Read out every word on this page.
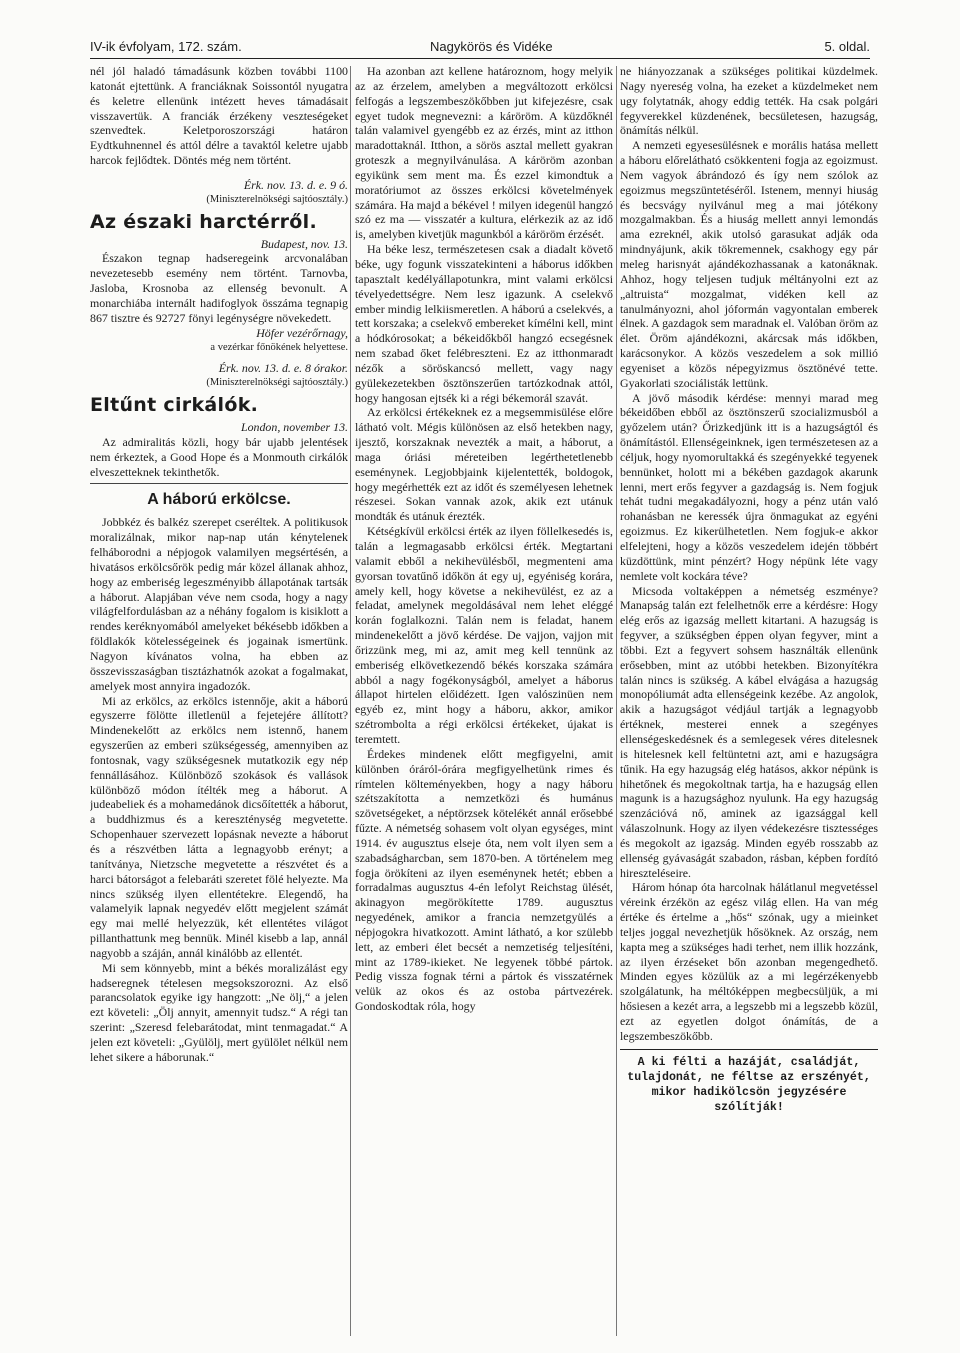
IV-ik évfolyam, 172. szám.	Nagykörös és Vidéke	5. oldal.

nél jól haladó támadásunk közben további 1100 katonát ejtettünk. A franciáknak Soissontól nyugatra és keletre ellenünk intézett heves támadásait visszavertük. A franciák érzékeny veszteségeket szenvedtek. Keletporoszországi határon Eydtkuhnennel és attól délre a tavaktól keletre ujabb harcok fejlődtek. Döntés még nem történt.

Érk. nov. 13. d. e. 9 ó.

(Miniszterelnökségi sajtóosztály.)

Az északi harctérről.

Budapest, nov. 13.

Északon tegnap hadseregeink arcvonalában nevezetesebb esemény nem történt. Tarnovba, Jasloba, Krosnoba az ellenség bevonult. A monarchiába internált hadifoglyok összáma tegnapig 867 tisztre és 92727 fönyi legénységre növekedett.

Höfer vezérőrnagy,

a vezérkar főnökének helyettese.

Érk. nov. 13. d. e. 8 órakor.

(Miniszterelnökségi sajtóosztály.)

Eltűnt cirkálók.

London, november 13.

Az admiralitás közli, hogy bár ujabb jelentések nem érkeztek, a Good Hope és a Monmouth cirkálók elveszetteknek tekinthetők.

A háború erkölcse.

Jobbkéz és balkéz szerepet cseréltek. A politikusok moralizálnak, mikor nap-nap után kénytelenek felháborodni a népjogok valamilyen megsértésén, a hivatásos erkölcsőrök pedig már közel állanak ahhoz, hogy az emberiség legeszményibb állapotának tartsák a háborut. Alapjában véve nem csoda, hogy a nagy világfelfordulásban az a néhány fogalom is kisiklott a rendes keréknyomából amelyeket békésebb időkben a földlakók kötelességeinek és jogainak ismertünk. Nagyon kívánatos volna, ha ebben az összevisszaságban tisztázhatnók azokat a fogalmakat, amelyek most annyira ingadozók.

Mi az erkölcs, az erkölcs istennője, akit a háború egyszerre fölötte illetlenül a fejetejére állított? Mindenekelőtt az erkölcs nem istennő, hanem egyszerűen az emberi szükségesség, amennyiben az fontosnak, vagy szükségesnek mutatkozik egy nép fennállásához. Különböző szokások és vallások különböző módon ítélték meg a háborut. A judeabeliek és a mohamedánok dicsőítették a háborut, a buddhizmus és a kereszténység megvetette. Schopenhauer szervezett lopásnak nevezte a háborut és a részvétben látta a legnagyobb erényt; a tanítványa, Nietzsche megvetette a részvétet és a harci bátorságot a felebaráti szeretet fölé helyezte. Ma nincs szükség ilyen ellentétekre. Elegendő, ha valamelyik lapnak negyedév előtt megjelent számát egy mai mellé helyezzük, két ellentétes világot pillanthattunk meg bennük. Minél kisebb a lap, annál nagyobb a száján, annál kinálóbb az ellentét.

Mi sem könnyebb, mint a békés moralizálást egy hadseregnek tételesen megsokszorozni. Az első parancsolatok egyike igy hangzott: „Ne ölj,“ a jelen ezt követeli: „Ölj annyit, amennyit tudsz.“ A régi tan szerint: „Szeresd felebarátodat, mint tenmagadat.“ A jelen ezt követeli: „Gyülölj, mert gyülölet nélkül nem lehet sikere a háborunak.“

Ha azonban azt kellene határoznom, hogy melyik az az érzelem, amelyben a megváltozott erkölcsi felfogás a legszembeszökőbben jut kifejezésre, csak egyet tudok megnevezni: a káröröm. A küzdőknél talán valamivel gyengébb ez az érzés, mint az itthon maradottaknál. Itthon, a sörös asztal mellett gyakran groteszk a megnyilvánulása. A káröröm azonban egyikünk sem ment ma. És ezzel kimondtuk a moratóriumot az összes erkölcsi követelmények számára. Ha majd a békével ! milyen idegenül hangzó szó ez ma — visszatér a kultura, elérkezik az az idő is, amelyben kivetjük magunkból a káröröm érzését.

Ha béke lesz, természetesen csak a diadalt követő béke, ugy fogunk visszatekinteni a háborus időkben tapasztalt kedélyállapotunkra, mint valami erkölcsi tévelyedettségre. Nem lesz igazunk. A cselekvő ember mindig lelkiismeretlen. A háború a cselekvés, a tett korszaka; a cselekvő embereket kímélni kell, mint a hódkórosokat; a békeidőkből hangzó ecsegésnek nem szabad őket felébreszteni. Ez az itthonmaradt nézők a söröskancsó mellett, vagy nagy gyülekezetekben ösztönszerűen tartózkodnak attól, hogy hangosan ejtsék ki a régi békemorál szavát.

Az erkölcsi értékeknek ez a megsemmisülése előre látható volt. Mégis különösen az első hetekben nagy, ijesztő, korszaknak nevezték a mait, a háborut, a maga óriási méreteiben legérthetetlenebb eseménynek. Legjobbjaink kijelentették, boldogok, hogy megérhették ezt az időt és személyesen lehetnek részesei. Sokan vannak azok, akik ezt utánuk mondták és utánuk érezték.

Kétségkívül erkölcsi érték az ilyen föllelkesedés is, talán a legmagasabb erkölcsi érték. Megtartani valamit ebből a nekihevülésből, megmenteni ama gyorsan tovatűnő időkön át egy uj, egyéniség korára, amely kell, hogy követse a nekihevülést, ez az a feladat, amelynek megoldásával nem lehet eléggé korán foglalkozni. Talán nem is feladat, hanem mindenekelőtt a jövő kérdése. De vajjon, vajjon mit őrizzünk meg, mi az, amit meg kell tennünk az emberiség elkövetkezendő békés korszaka számára abból a nagy fogékonyságból, amelyet a háborus állapot hirtelen előidézett. Igen valószinüen nem egyéb ez, mint hogy a háboru, akkor, amikor szétrombolta a régi erkölcsi értékeket, újakat is teremtett.

Érdekes mindenek előtt megfigyelni, amit különben óráról-órára megfigyelhetünk rimes és rímtelen költeményekben, hogy a nagy háboru szétszakította a nemzetközi és humánus szövetségeket, a néptörzsek kötelékét annál erősebbé fűzte. A németség sohasem volt olyan egységes, mint 1914. év augusztus elseje óta, nem volt ilyen sem a szabadságharcban, sem 1870-ben. A történelem meg fogja örökíteni az ilyen eseménynek hetét; ebben a forradalmas augusztus 4-én lefolyt Reichstag ülését, akinagyon megörökítette 1789. augusztus negyedének, amikor a francia nemzetgyülés a népjogokra hivatkozott. Amint látható, a kor szülebb lett, az emberi élet becsét a nemzetiség teljesíténi, mint az 1789-ikieket. Ne legyenek többé pártok. Pedig vissza fognak térni a pártok és visszatérnek velük az okos és az ostoba pártvezérek. Gondoskodtak róla, hogy

ne hiányozzanak a szükséges politikai küzdelmek. Nagy nyereség volna, ha ezeket a küzdelmeket nem ugy folytatnák, ahogy eddig tették. Ha csak polgári fegyverekkel küzdenének, becsületesen, hazugság, önámítás nélkül.

A nemzeti egyesesülésnek e morális hatása mellett a háboru előrelátható csökkenteni fogja az egoizmust. Nem vagyok ábrándozó és így nem szólok az egoizmus megszüntetéséről. Istenem, mennyi hiuság és becsvágy nyilvánul meg a mai jótékony mozgalmakban. És a hiuság mellett annyi lemondás ama ezreknél, akik utolsó garasukat adják oda mindnyájunk, akik tökremennek, csakhogy egy pár meleg harisnyát ajándékozhassanak a katonáknak. Ahhoz, hogy teljesen tudjuk méltányolni ezt az „altruista“ mozgalmat, vidéken kell az tanulmányozni, ahol jóformán vagyontalan emberek élnek. A gazdagok sem maradnak el. Valóban öröm az élet. Öröm ajándékozni, akárcsak más időkben, karácsonykor. A közös veszedelem a sok millió egyeniset a közös népegyizmus ösztönévé tette. Gyakorlati szociálisták lettünk.

A jövő második kérdése: mennyi marad meg békeidőben ebből az ösztönszerű szocializmusból a győzelem után? Őrizkedjünk itt is a hazugságtól és önámítástól. Ellenségeinknek, igen természetesen az a céljuk, hogy nyomorultakká és szegényekké tegyenek bennünket, holott mi a békében gazdagok akarunk lenni, mert erős fegyver a gazdagság is. Nem fogjuk tehát tudni megakadályozni, hogy a pénz után való rohanásban ne keressék újra önmagukat az egyéni egoizmus. Ez kikerülhetetlen. Nem fogjuk-e akkor elfelejteni, hogy a közös veszedelem idején többért küzdöttünk, mint pénzért? Hogy népünk léte vagy nemlete volt kockára téve?

Micsoda voltaképpen a németség eszménye? Manapság talán ezt felelhetnők erre a kérdésre: Hogy elég erős az igazság mellett kitartani. A hazugság is fegyver, a szükségben éppen olyan fegyver, mint a többi. Ezt a fegyvert sohsem használták ellenünk erősebben, mint az utóbbi hetekben. Bizonyítékra talán nincs is szükség. A kábel elvágása a hazugság monopóliumát adta ellenségeink kezébe. Az angolok, akik a hazugságot védjául tartják a legnagyobb értéknek, mesterei ennek a szegényes ellenségeskedésnek és a semlegesek véres ditelesnek is hitelesnek kell feltüntetni azt, ami e hazugságra tűnik. Ha egy hazugság elég hatásos, akkor népünk is hihetőnek és megokoltnak tartja, ha e hazugság ellen magunk is a hazugsághoz nyulunk. Ha egy hazugság szenzációvá nő, aminek az igazsággal kell válaszolnunk. Hogy az ilyen védekezésre tisztességes és megokolt az igazság. Minden egyéb rosszabb az ellenség gyávaságát szabadon, rásban, képben fordító hireszteléseire.

Három hónap óta harcolnak hálátlanul megvetéssel véreink érzékön az egész világ ellen. Ha van még értéke és értelme a „hős“ szónak, ugy a mieinket teljes joggal nevezhetjük hősöknek. Az ország, nem kapta meg a szükséges hadi terhet, nem illik hozzánk, az ilyen érzéseket bőn azonban megengedhető. Minden egyes közülük az a mi legérzékenyebb szolgálatunk, ha méltóképpen megbecsüljük, a mi hősiesen a kezét arra, a legszebb mi a legszebb közül, ezt az egyetlen dolgot ónámítás, de a legszembeszökőbb.

A ki félti a hazáját, családját, tulajdonát, ne féltse az erszényét, mikor hadikölcsön jegyzésére szólítják!
